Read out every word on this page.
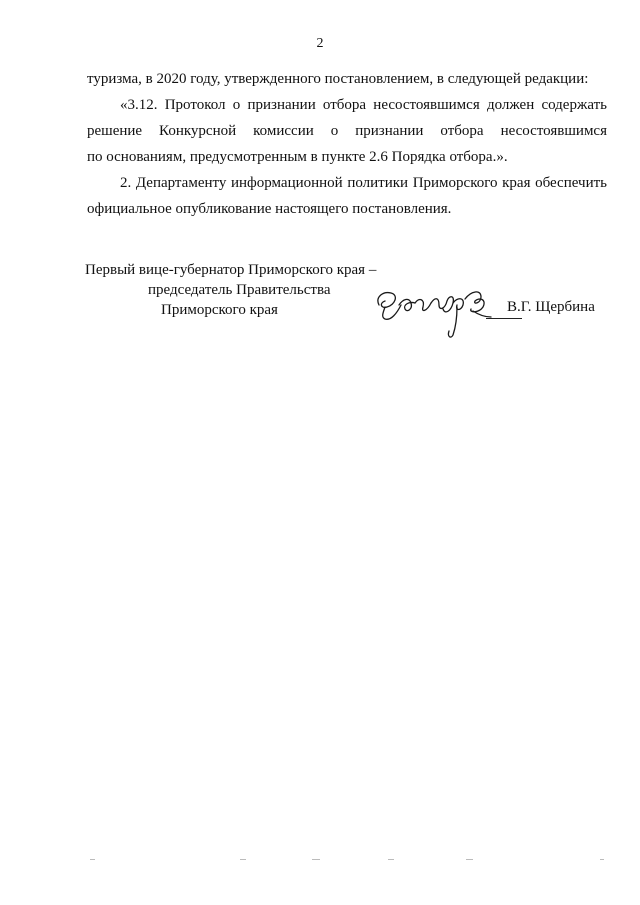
2

туризма, в 2020 году, утвержденного постановлением, в следующей редакции:

«3.12. Протокол о признании отбора несостоявшимся должен содержать
решение Конкурсной комиссии о признании отбора несостоявшимся
по основаниям, предусмотренным в пункте 2.6 Порядка отбора.».

2. Департаменту информационной политики Приморского края обеспечить
официальное опубликование настоящего постановления.

Первый вице-губернатор Приморского края –
председатель Правительства
Приморского края	В.Г. Щербина
